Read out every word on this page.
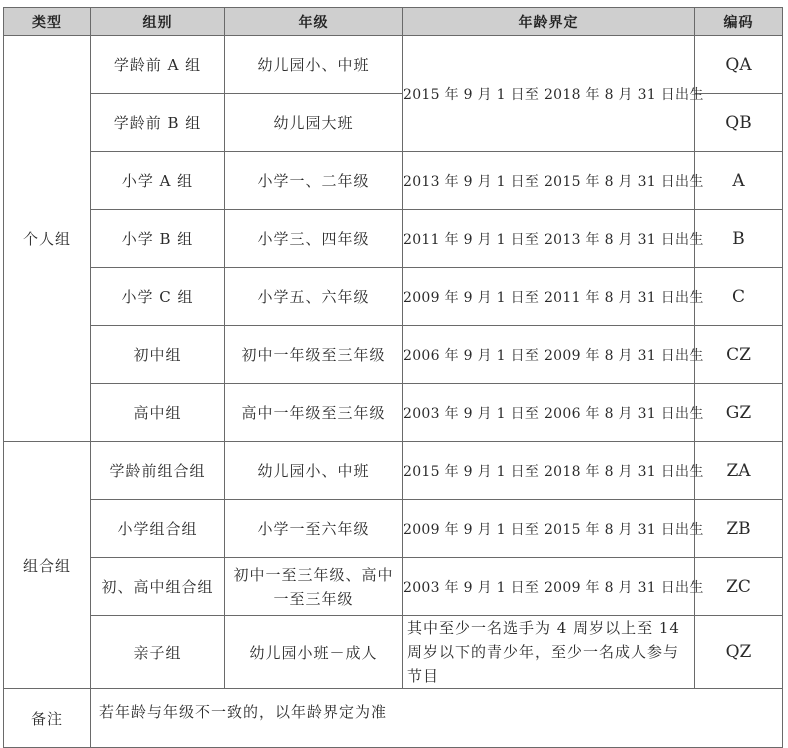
类型	组别	年级	年龄界定	编码
个人组	学龄前 A 组	幼儿园小、中班	2015 年 9 月 1 日至 2018 年 8 月 31 日出生	QA
	学龄前 B 组	幼儿园大班		QB
	小学 A 组	小学一、二年级	2013 年 9 月 1 日至 2015 年 8 月 31 日出生	A
	小学 B 组	小学三、四年级	2011 年 9 月 1 日至 2013 年 8 月 31 日出生	B
	小学 C 组	小学五、六年级	2009 年 9 月 1 日至 2011 年 8 月 31 日出生	C
	初中组	初中一年级至三年级	2006 年 9 月 1 日至 2009 年 8 月 31 日出生	CZ
	高中组	高中一年级至三年级	2003 年 9 月 1 日至 2006 年 8 月 31 日出生	GZ
组合组	学龄前组合组	幼儿园小、中班	2015 年 9 月 1 日至 2018 年 8 月 31 日出生	ZA
	小学组合组	小学一至六年级	2009 年 9 月 1 日至 2015 年 8 月 31 日出生	ZB
	初、高中组合组	初中一至三年级、高中一至三年级	2003 年 9 月 1 日至 2009 年 8 月 31 日出生	ZC
	亲子组	幼儿园小班－成人	其中至少一名选手为 4 周岁以上至 14 周岁以下的青少年，至少一名成人参与节目	QZ
备注	若年龄与年级不一致的，以年龄界定为准			
